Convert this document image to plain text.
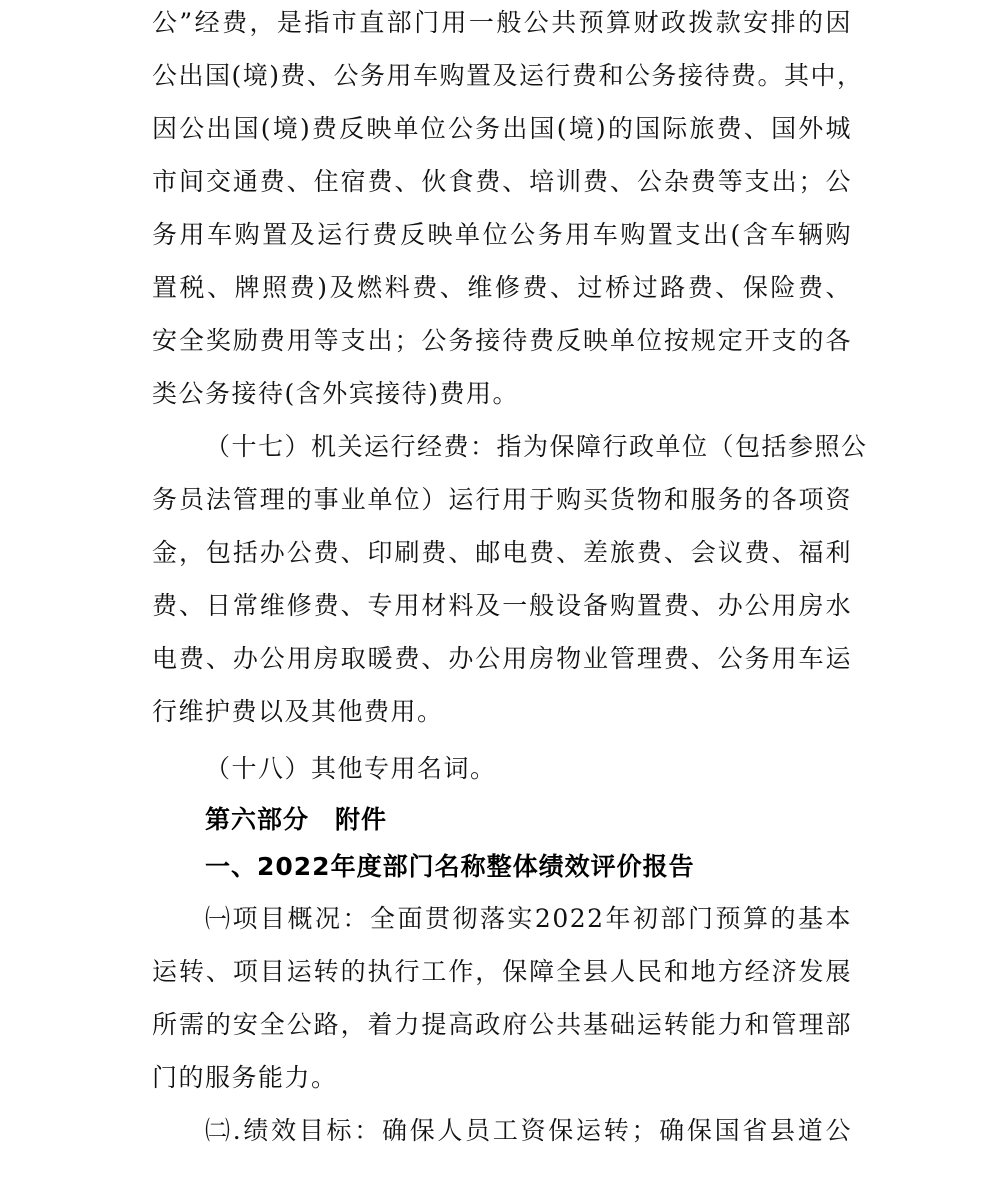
公”经费，是指市直部门用一般公共预算财政拨款安排的因
公出国(境)费、公务用车购置及运行费和公务接待费。其中，
因公出国(境)费反映单位公务出国(境)的国际旅费、国外城
市间交通费、住宿费、伙食费、培训费、公杂费等支出；公
务用车购置及运行费反映单位公务用车购置支出(含车辆购
置税、牌照费)及燃料费、维修费、过桥过路费、保险费、
安全奖励费用等支出；公务接待费反映单位按规定开支的各
类公务接待(含外宾接待)费用。
（十七）机关运行经费：指为保障行政单位（包括参照公
务员法管理的事业单位）运行用于购买货物和服务的各项资
金，包括办公费、印刷费、邮电费、差旅费、会议费、福利
费、日常维修费、专用材料及一般设备购置费、办公用房水
电费、办公用房取暖费、办公用房物业管理费、公务用车运
行维护费以及其他费用。
（十八）其他专用名词。
第六部分　附件
一、2022年度部门名称整体绩效评价报告
㈠项目概况：全面贯彻落实2022年初部门预算的基本
运转、项目运转的执行工作，保障全县人民和地方经济发展
所需的安全公路，着力提高政府公共基础运转能力和管理部
门的服务能力。
㈡.绩效目标：确保人员工资保运转；确保国省县道公
